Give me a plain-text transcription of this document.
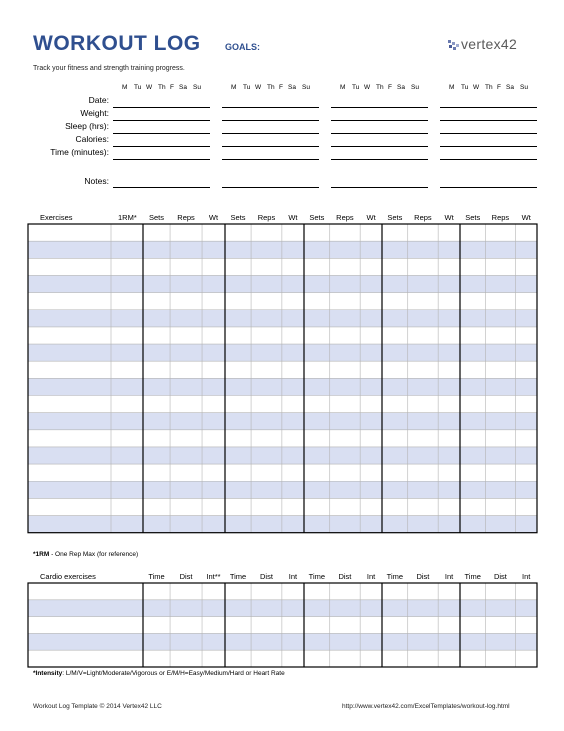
WORKOUT LOG	GOALS:	vertex42
Track your fitness and strength training progress.
M Tu W Th F Sa Su	M Tu W Th F Sa Su	M Tu W Th F Sa Su	M Tu W Th F Sa Su
Date:
Weight:
Sleep (hrs):
Calories:
Time (minutes):
Notes:
Exercises	1RM*	Sets	Reps	Wt	Sets	Reps	Wt	Sets	Reps	Wt	Sets	Reps	Wt	Sets	Reps	Wt
Cardio exercises	Time	Dist	Int**	Time	Dist	Int	Time	Dist	Int	Time	Dist	Int	Time	Dist	Int
*1RM - One Rep Max (for reference)
*Intensity: L/M/V=Light/Moderate/Vigorous or E/M/H=Easy/Medium/Hard or Heart Rate
Workout Log Template © 2014 Vertex42 LLC	http://www.vertex42.com/ExcelTemplates/workout-log.html
